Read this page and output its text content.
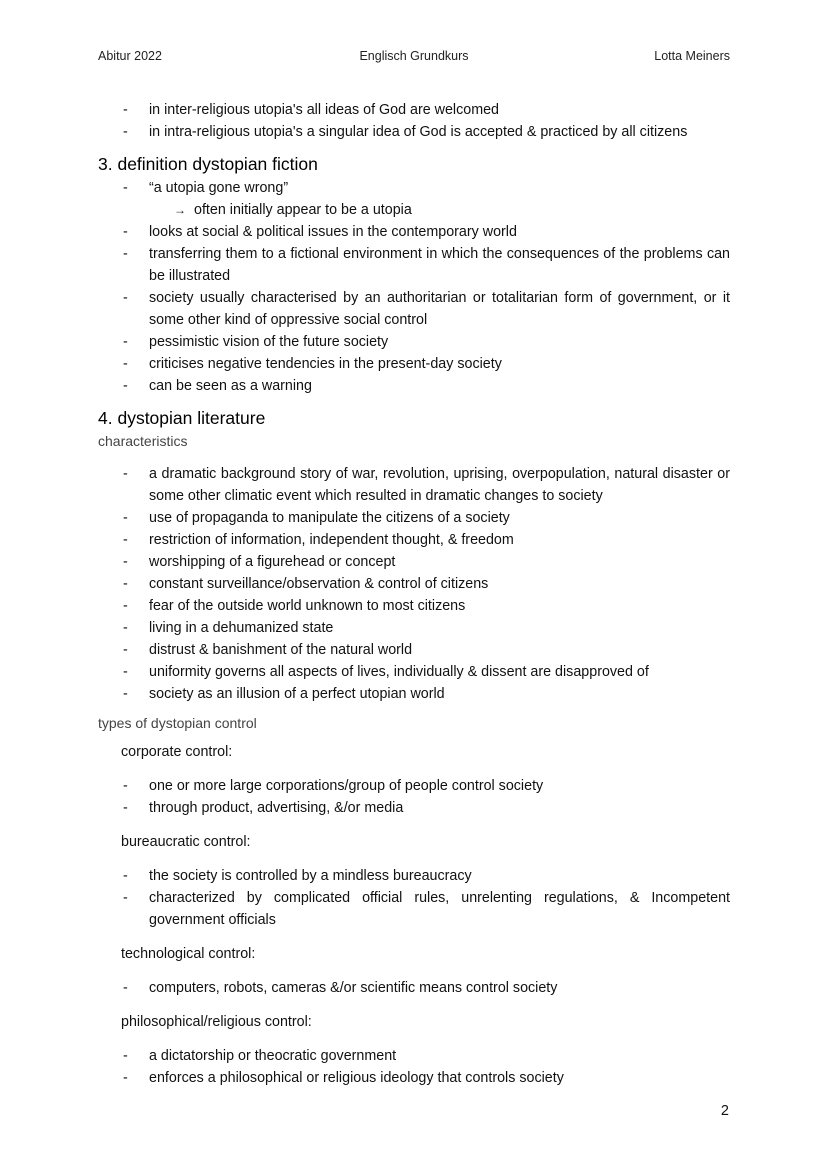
Abitur 2022	Englisch Grundkurs	Lotta Meiners
- in inter-religious utopia's all ideas of God are welcomed
- in intra-religious utopia's a singular idea of God is accepted & practiced by all citizens
3. definition dystopian fiction
- “a utopia gone wrong”
→ often initially appear to be a utopia
- looks at social & political issues in the contemporary world
- transferring them to a fictional environment in which the consequences of the problems can be illustrated
- society usually characterised by an authoritarian or totalitarian form of government, or it some other kind of oppressive social control
- pessimistic vision of the future society
- criticises negative tendencies in the present-day society
- can be seen as a warning
4. dystopian literature

characteristics

- a dramatic background story of war, revolution, uprising, overpopulation, natural disaster or some other climatic event which resulted in dramatic changes to society
- use of propaganda to manipulate the citizens of a society
- restriction of information, independent thought, & freedom
- worshipping of a figurehead or concept
- constant surveillance/observation & control of citizens
- fear of the outside world unknown to most citizens
- living in a dehumanized state
- distrust & banishment of the natural world
- uniformity governs all aspects of lives, individually & dissent are disapproved of
- society as an illusion of a perfect utopian world

types of dystopian control

corporate control:

- one or more large corporations/group of people control society
- through product, advertising, &/or media

bureaucratic control:

- the society is controlled by a mindless bureaucracy
- characterized by complicated official rules, unrelenting regulations, & Incompetent government officials

technological control:

- computers, robots, cameras &/or scientific means control society

philosophical/religious control:

- a dictatorship or theocratic government
- enforces a philosophical or religious ideology that controls society
2
